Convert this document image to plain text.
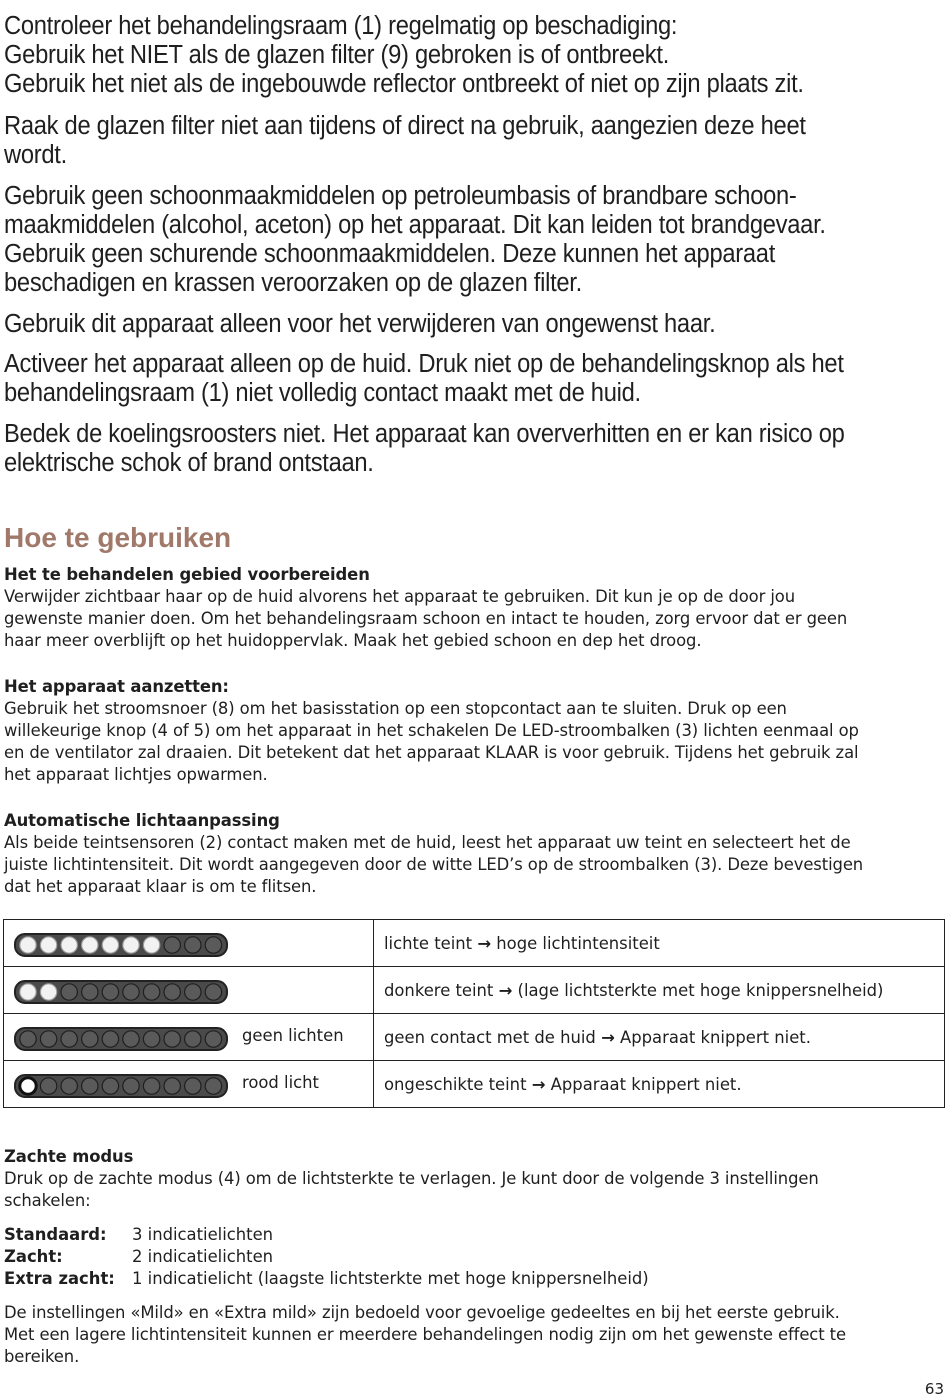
Controleer het behandelingsraam (1) regelmatig op beschadiging:
Gebruik het NIET als de glazen filter (9) gebroken is of ontbreekt.
Gebruik het niet als de ingebouwde reflector ontbreekt of niet op zijn plaats zit.
Raak de glazen filter niet aan tijdens of direct na gebruik, aangezien deze heet
wordt.
Gebruik geen schoonmaakmiddelen op petroleumbasis of brandbare schoon-
maakmiddelen (alcohol, aceton) op het apparaat. Dit kan leiden tot brandgevaar.
Gebruik geen schurende schoonmaakmiddelen. Deze kunnen het apparaat
beschadigen en krassen veroorzaken op de glazen filter.
Gebruik dit apparaat alleen voor het verwijderen van ongewenst haar.
Activeer het apparaat alleen op de huid. Druk niet op de behandelingsknop als het
behandelingsraam (1) niet volledig contact maakt met de huid.
Bedek de koelingsroosters niet. Het apparaat kan oververhitten en er kan risico op
elektrische schok of brand ontstaan.
Hoe te gebruiken
Het te behandelen gebied voorbereiden
Verwijder zichtbaar haar op de huid alvorens het apparaat te gebruiken. Dit kun je op de door jou
gewenste manier doen. Om het behandelingsraam schoon en intact te houden, zorg ervoor dat er geen
haar meer overblijft op het huidoppervlak. Maak het gebied schoon en dep het droog.
Het apparaat aanzetten:
Gebruik het stroomsnoer (8) om het basisstation op een stopcontact aan te sluiten. Druk op een
willekeurige knop (4 of 5) om het apparaat in het schakelen De LED-stroombalken (3) lichten eenmaal op
en de ventilator zal draaien. Dit betekent dat het apparaat KLAAR is voor gebruik. Tijdens het gebruik zal
het apparaat lichtjes opwarmen.
Automatische lichtaanpassing
Als beide teintsensoren (2) contact maken met de huid, leest het apparaat uw teint en selecteert het de
juiste lichtintensiteit. Dit wordt aangegeven door de witte LED’s op de stroombalken (3). Deze bevestigen
dat het apparaat klaar is om te flitsen.
	lichte teint → hoge lichtintensiteit

	donkere teint → (lage lichtsterkte met hoge knippersnelheid)

geen lichten	geen contact met de huid → Apparaat knippert niet.

rood licht	ongeschikte teint → Apparaat knippert niet.
Zachte modus
Druk op de zachte modus (4) om de lichtsterkte te verlagen. Je kunt door de volgende 3 instellingen
schakelen:
Standaard:	3 indicatielichten
Zacht:	2 indicatielichten
Extra zacht:	1 indicatielicht (laagste lichtsterkte met hoge knippersnelheid)
De instellingen «Mild» en «Extra mild» zijn bedoeld voor gevoelige gedeeltes en bij het eerste gebruik.
Met een lagere lichtintensiteit kunnen er meerdere behandelingen nodig zijn om het gewenste effect te
bereiken.
63
